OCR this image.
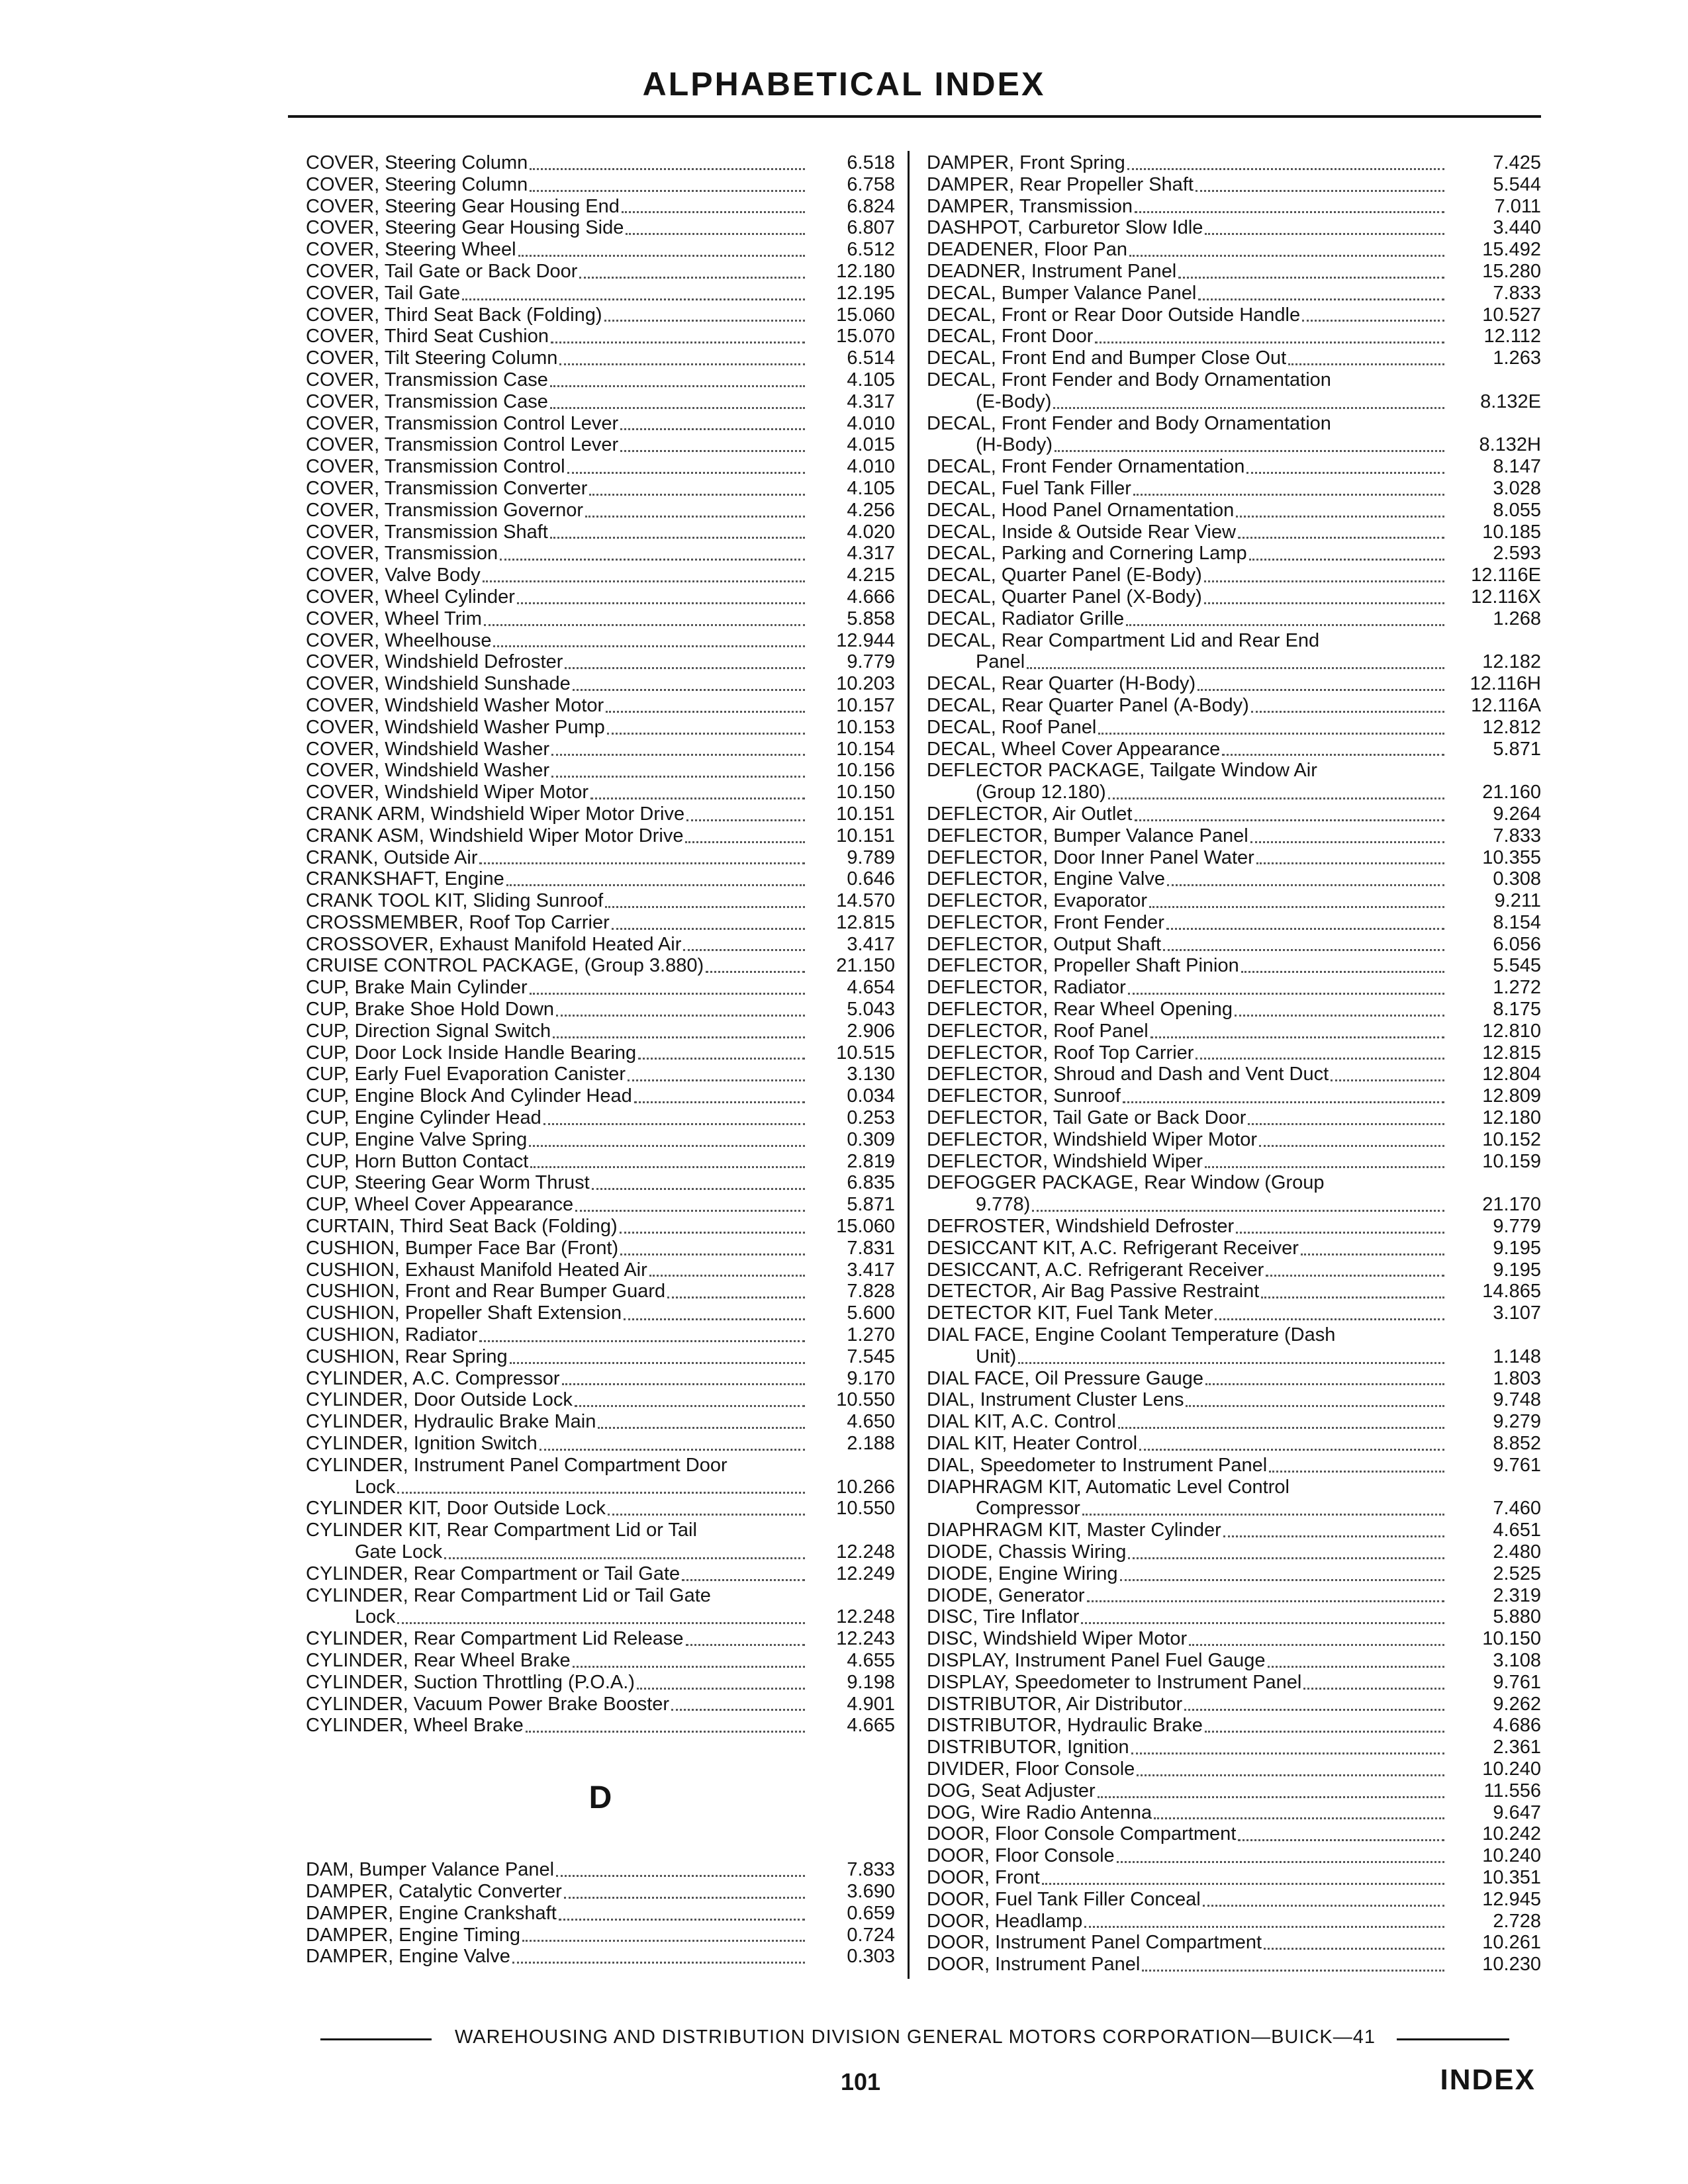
ALPHABETICAL INDEX
COVER, Steering Column	6.518
COVER, Steering Column	6.758
COVER, Steering Gear Housing End	6.824
COVER, Steering Gear Housing Side	6.807
COVER, Steering Wheel	6.512
COVER, Tail Gate or Back Door	12.180
COVER, Tail Gate	12.195
COVER, Third Seat Back (Folding)	15.060
COVER, Third Seat Cushion	15.070
COVER, Tilt Steering Column	6.514
COVER, Transmission Case	4.105
COVER, Transmission Case	4.317
COVER, Transmission Control Lever	4.010
COVER, Transmission Control Lever	4.015
COVER, Transmission Control	4.010
COVER, Transmission Converter	4.105
COVER, Transmission Governor	4.256
COVER, Transmission Shaft	4.020
COVER, Transmission	4.317
COVER, Valve Body	4.215
COVER, Wheel Cylinder	4.666
COVER, Wheel Trim	5.858
COVER, Wheelhouse	12.944
COVER, Windshield Defroster	9.779
COVER, Windshield Sunshade	10.203
COVER, Windshield Washer Motor	10.157
COVER, Windshield Washer Pump	10.153
COVER, Windshield Washer	10.154
COVER, Windshield Washer	10.156
COVER, Windshield Wiper Motor	10.150
CRANK ARM, Windshield Wiper Motor Drive	10.151
CRANK ASM, Windshield Wiper Motor Drive	10.151
CRANK, Outside Air	9.789
CRANKSHAFT, Engine	0.646
CRANK TOOL KIT, Sliding Sunroof	14.570
CROSSMEMBER, Roof Top Carrier	12.815
CROSSOVER, Exhaust Manifold Heated Air	3.417
CRUISE CONTROL PACKAGE, (Group 3.880)	21.150
CUP, Brake Main Cylinder	4.654
CUP, Brake Shoe Hold Down	5.043
CUP, Direction Signal Switch	2.906
CUP, Door Lock Inside Handle Bearing	10.515
CUP, Early Fuel Evaporation Canister	3.130
CUP, Engine Block And Cylinder Head	0.034
CUP, Engine Cylinder Head	0.253
CUP, Engine Valve Spring	0.309
CUP, Horn Button Contact	2.819
CUP, Steering Gear Worm Thrust	6.835
CUP, Wheel Cover Appearance	5.871
CURTAIN, Third Seat Back (Folding)	15.060
CUSHION, Bumper Face Bar (Front)	7.831
CUSHION, Exhaust Manifold Heated Air	3.417
CUSHION, Front and Rear Bumper Guard	7.828
CUSHION, Propeller Shaft Extension	5.600
CUSHION, Radiator	1.270
CUSHION, Rear Spring	7.545
CYLINDER, A.C. Compressor	9.170
CYLINDER, Door Outside Lock	10.550
CYLINDER, Hydraulic Brake Main	4.650
CYLINDER, Ignition Switch	2.188
CYLINDER, Instrument Panel Compartment Door
Lock	10.266
CYLINDER KIT, Door Outside Lock	10.550
CYLINDER KIT, Rear Compartment Lid or Tail
Gate Lock	12.248
CYLINDER, Rear Compartment or Tail Gate	12.249
CYLINDER, Rear Compartment Lid or Tail Gate
Lock	12.248
CYLINDER, Rear Compartment Lid Release	12.243
CYLINDER, Rear Wheel Brake	4.655
CYLINDER, Suction Throttling (P.O.A.)	9.198
CYLINDER, Vacuum Power Brake Booster	4.901
CYLINDER, Wheel Brake	4.665
D
DAM, Bumper Valance Panel	7.833
DAMPER, Catalytic Converter	3.690
DAMPER, Engine Crankshaft	0.659
DAMPER, Engine Timing	0.724
DAMPER, Engine Valve	0.303
DAMPER, Front Spring	7.425
DAMPER, Rear Propeller Shaft	5.544
DAMPER, Transmission	7.011
DASHPOT, Carburetor Slow Idle	3.440
DEADENER, Floor Pan	15.492
DEADNER, Instrument Panel	15.280
DECAL, Bumper Valance Panel	7.833
DECAL, Front or Rear Door Outside Handle	10.527
DECAL, Front Door	12.112
DECAL, Front End and Bumper Close Out	1.263
DECAL, Front Fender and Body Ornamentation
(E-Body)	8.132E
DECAL, Front Fender and Body Ornamentation
(H-Body)	8.132H
DECAL, Front Fender Ornamentation	8.147
DECAL, Fuel Tank Filler	3.028
DECAL, Hood Panel Ornamentation	8.055
DECAL, Inside & Outside Rear View	10.185
DECAL, Parking and Cornering Lamp	2.593
DECAL, Quarter Panel (E-Body)	12.116E
DECAL, Quarter Panel (X-Body)	12.116X
DECAL, Radiator Grille	1.268
DECAL, Rear Compartment Lid and Rear End
Panel	12.182
DECAL, Rear Quarter (H-Body)	12.116H
DECAL, Rear Quarter Panel (A-Body)	12.116A
DECAL, Roof Panel	12.812
DECAL, Wheel Cover Appearance	5.871
DEFLECTOR PACKAGE, Tailgate Window Air
(Group 12.180)	21.160
DEFLECTOR, Air Outlet	9.264
DEFLECTOR, Bumper Valance Panel	7.833
DEFLECTOR, Door Inner Panel Water	10.355
DEFLECTOR, Engine Valve	0.308
DEFLECTOR, Evaporator	9.211
DEFLECTOR, Front Fender	8.154
DEFLECTOR, Output Shaft	6.056
DEFLECTOR, Propeller Shaft Pinion	5.545
DEFLECTOR, Radiator	1.272
DEFLECTOR, Rear Wheel Opening	8.175
DEFLECTOR, Roof Panel	12.810
DEFLECTOR, Roof Top Carrier	12.815
DEFLECTOR, Shroud and Dash and Vent Duct	12.804
DEFLECTOR, Sunroof	12.809
DEFLECTOR, Tail Gate or Back Door	12.180
DEFLECTOR, Windshield Wiper Motor	10.152
DEFLECTOR, Windshield Wiper	10.159
DEFOGGER PACKAGE, Rear Window (Group
9.778)	21.170
DEFROSTER, Windshield Defroster	9.779
DESICCANT KIT, A.C. Refrigerant Receiver	9.195
DESICCANT, A.C. Refrigerant Receiver	9.195
DETECTOR, Air Bag Passive Restraint	14.865
DETECTOR KIT, Fuel Tank Meter	3.107
DIAL FACE, Engine Coolant Temperature (Dash
Unit)	1.148
DIAL FACE, Oil Pressure Gauge	1.803
DIAL, Instrument Cluster Lens	9.748
DIAL KIT, A.C. Control	9.279
DIAL KIT, Heater Control	8.852
DIAL, Speedometer to Instrument Panel	9.761
DIAPHRAGM KIT, Automatic Level Control
Compressor	7.460
DIAPHRAGM KIT, Master Cylinder	4.651
DIODE, Chassis Wiring	2.480
DIODE, Engine Wiring	2.525
DIODE, Generator	2.319
DISC, Tire Inflator	5.880
DISC, Windshield Wiper Motor	10.150
DISPLAY, Instrument Panel Fuel Gauge	3.108
DISPLAY, Speedometer to Instrument Panel	9.761
DISTRIBUTOR, Air Distributor	9.262
DISTRIBUTOR, Hydraulic Brake	4.686
DISTRIBUTOR, Ignition	2.361
DIVIDER, Floor Console	10.240
DOG, Seat Adjuster	11.556
DOG, Wire Radio Antenna	9.647
DOOR, Floor Console Compartment	10.242
DOOR, Floor Console	10.240
DOOR, Front	10.351
DOOR, Fuel Tank Filler Conceal	12.945
DOOR, Headlamp	2.728
DOOR, Instrument Panel Compartment	10.261
DOOR, Instrument Panel	10.230
WAREHOUSING AND DISTRIBUTION DIVISION GENERAL MOTORS CORPORATION—BUICK—41
101	INDEX
